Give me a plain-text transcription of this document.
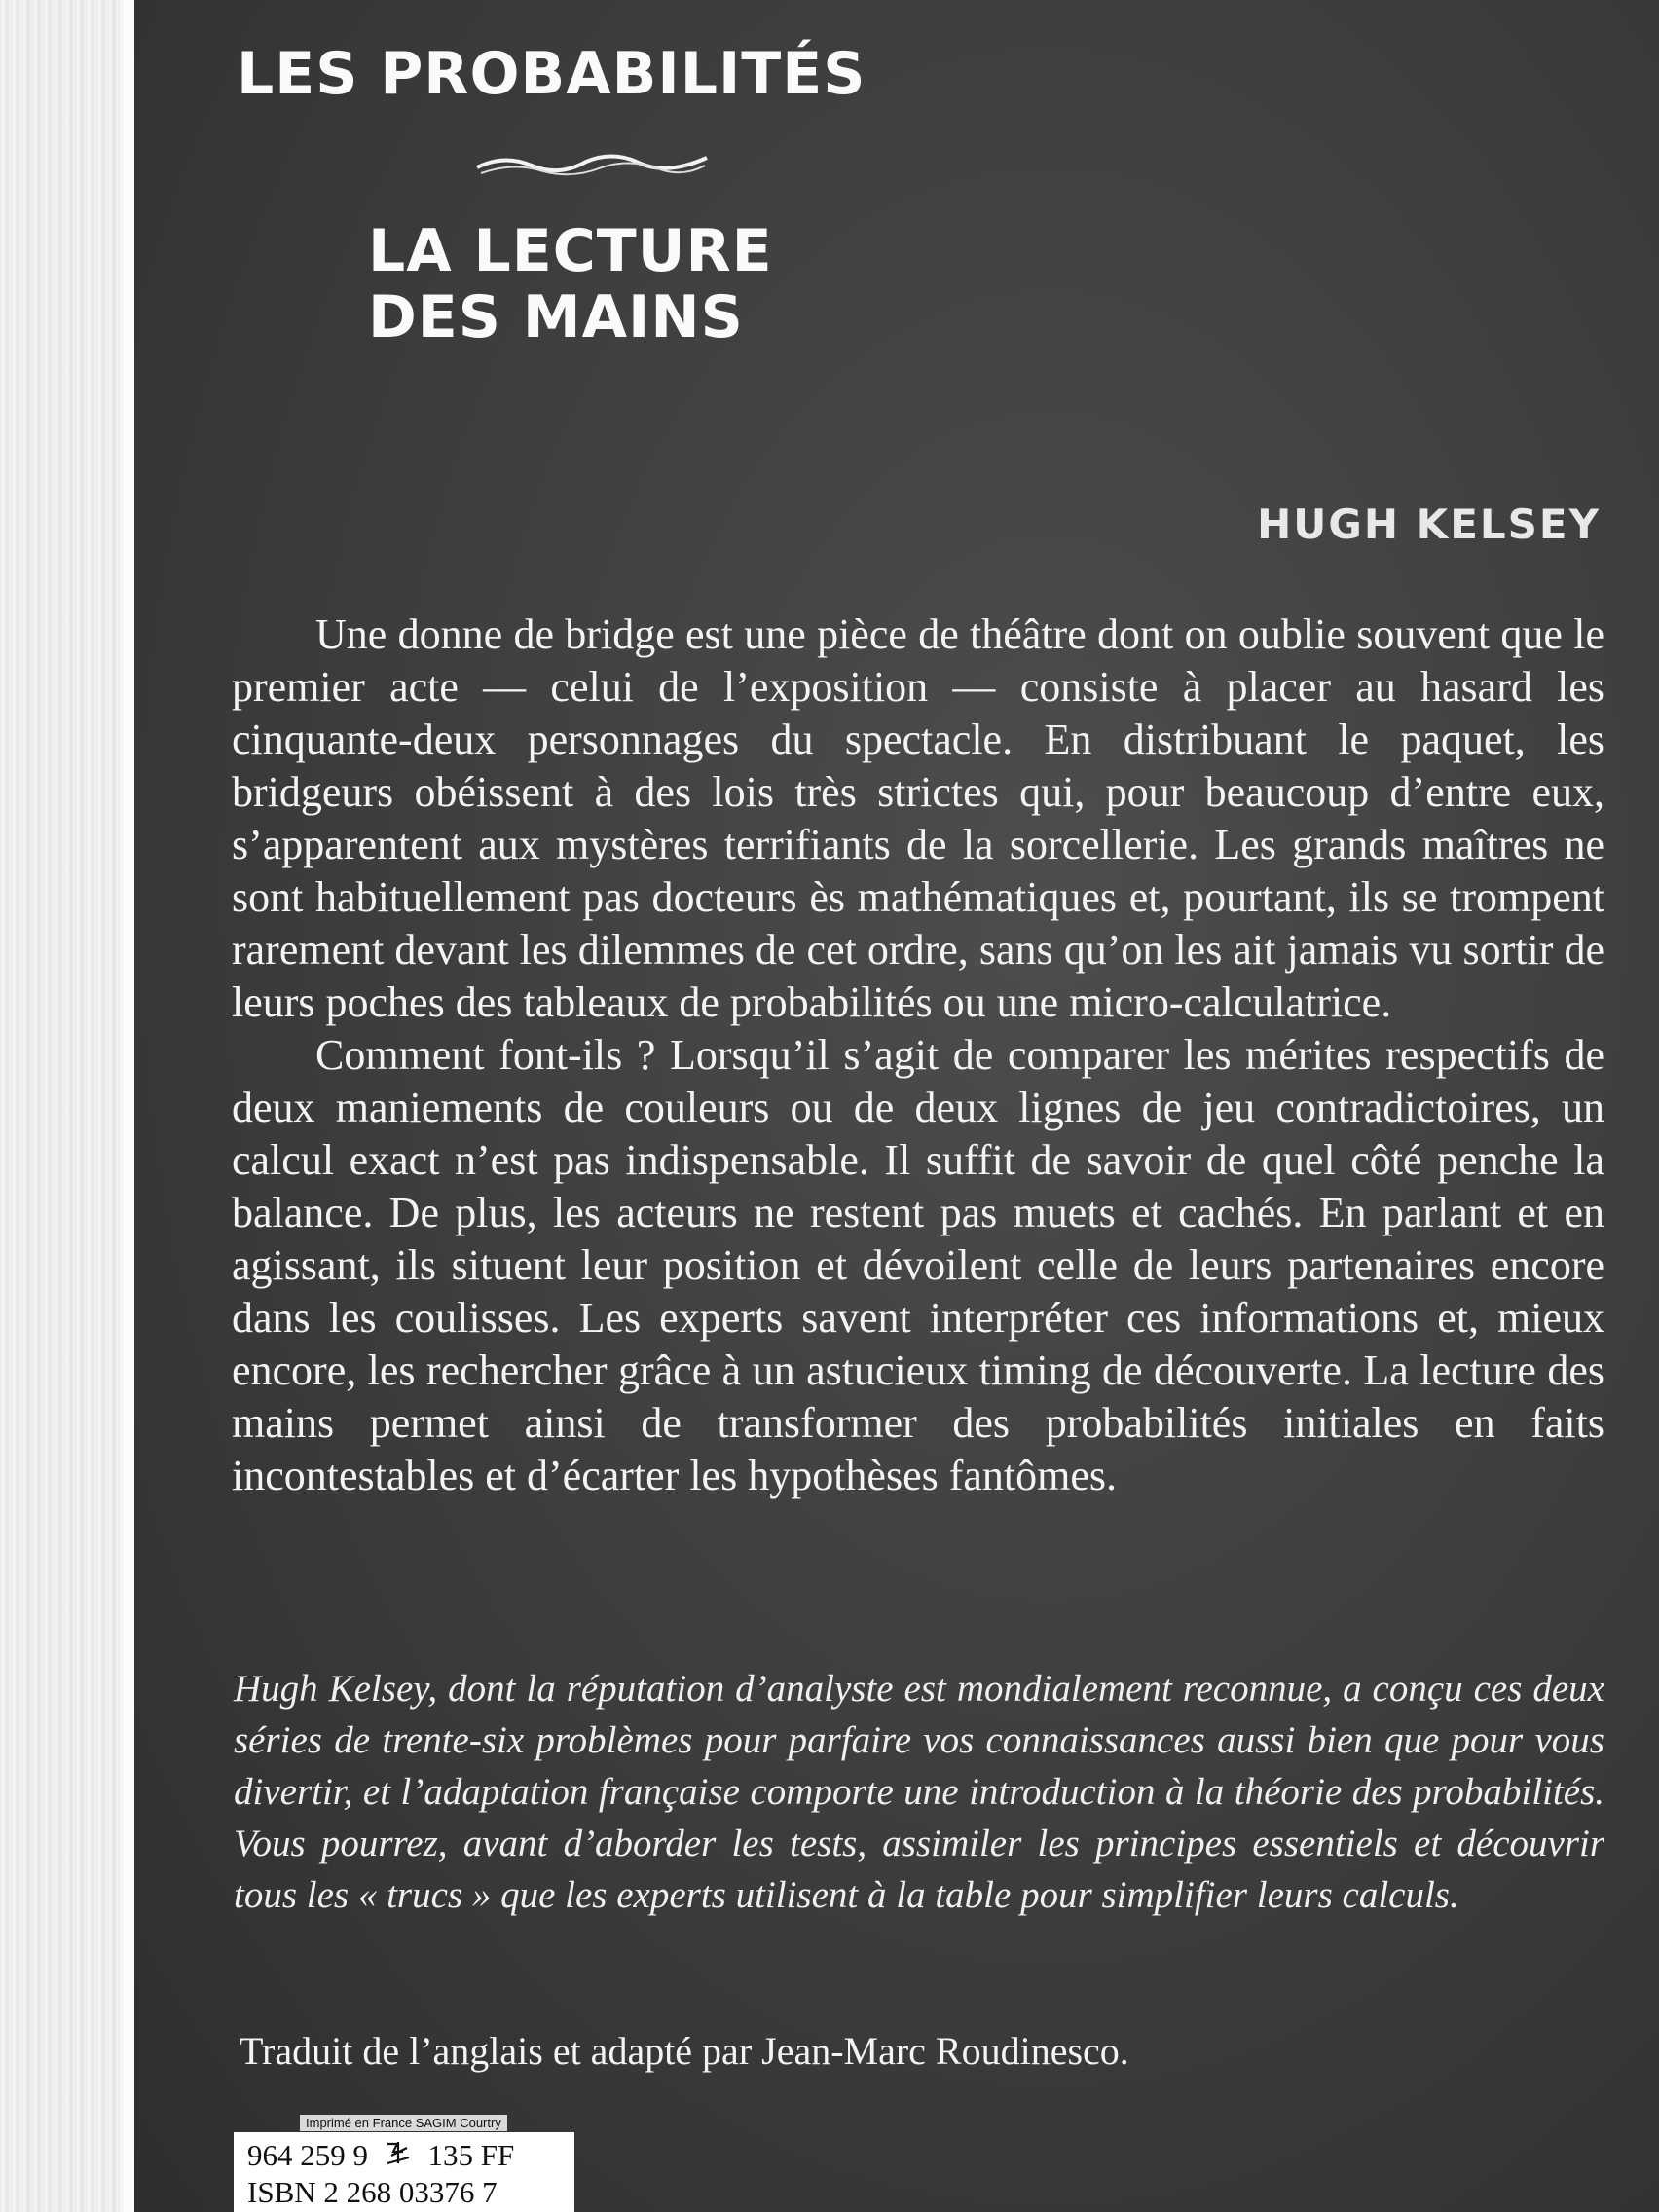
LES PROBABILITÉS
LA LECTURE
DES MAINS
HUGH KELSEY

Une donne de bridge est une pièce de théâtre dont on oublie souvent que le premier acte — celui de l’exposition — consiste à placer au hasard les cinquante-deux personnages du spectacle. En distribuant le paquet, les bridgeurs obéissent à des lois très strictes qui, pour beaucoup d’entre eux, s’apparentent aux mystères terrifiants de la sorcellerie. Les grands maîtres ne sont habituellement pas docteurs ès mathématiques et, pourtant, ils se trompent rarement devant les dilemmes de cet ordre, sans qu’on les ait jamais vu sortir de leurs poches des tableaux de probabilités ou une micro-calculatrice.

Comment font-ils ? Lorsqu’il s’agit de comparer les mérites respectifs de deux maniements de couleurs ou de deux lignes de jeu contradictoires, un calcul exact n’est pas indispensable. Il suffit de savoir de quel côté penche la balance. De plus, les acteurs ne restent pas muets et cachés. En parlant et en agissant, ils situent leur position et dévoilent celle de leurs partenaires encore dans les coulisses. Les experts savent interpréter ces informations et, mieux encore, les rechercher grâce à un astucieux timing de découverte. La lecture des mains permet ainsi de transformer des probabilités initiales en faits incontestables et d’écarter les hypothèses fantômes.

Hugh Kelsey, dont la réputation d’analyste est mondialement reconnue, a conçu ces deux séries de trente-six problèmes pour parfaire vos connaissances aussi bien que pour vous divertir, et l’adaptation française comporte une introduction à la théorie des probabilités. Vous pourrez, avant d’aborder les tests, assimiler les principes essentiels et découvrir tous les « trucs » que les experts utilisent à la table pour simplifier leurs calculs.

Traduit de l’anglais et adapté par Jean-Marc Roudinesco.

Imprimé en France SAGIM Courtry
964 259 9 135 FF
ISBN 2 268 03376 7
